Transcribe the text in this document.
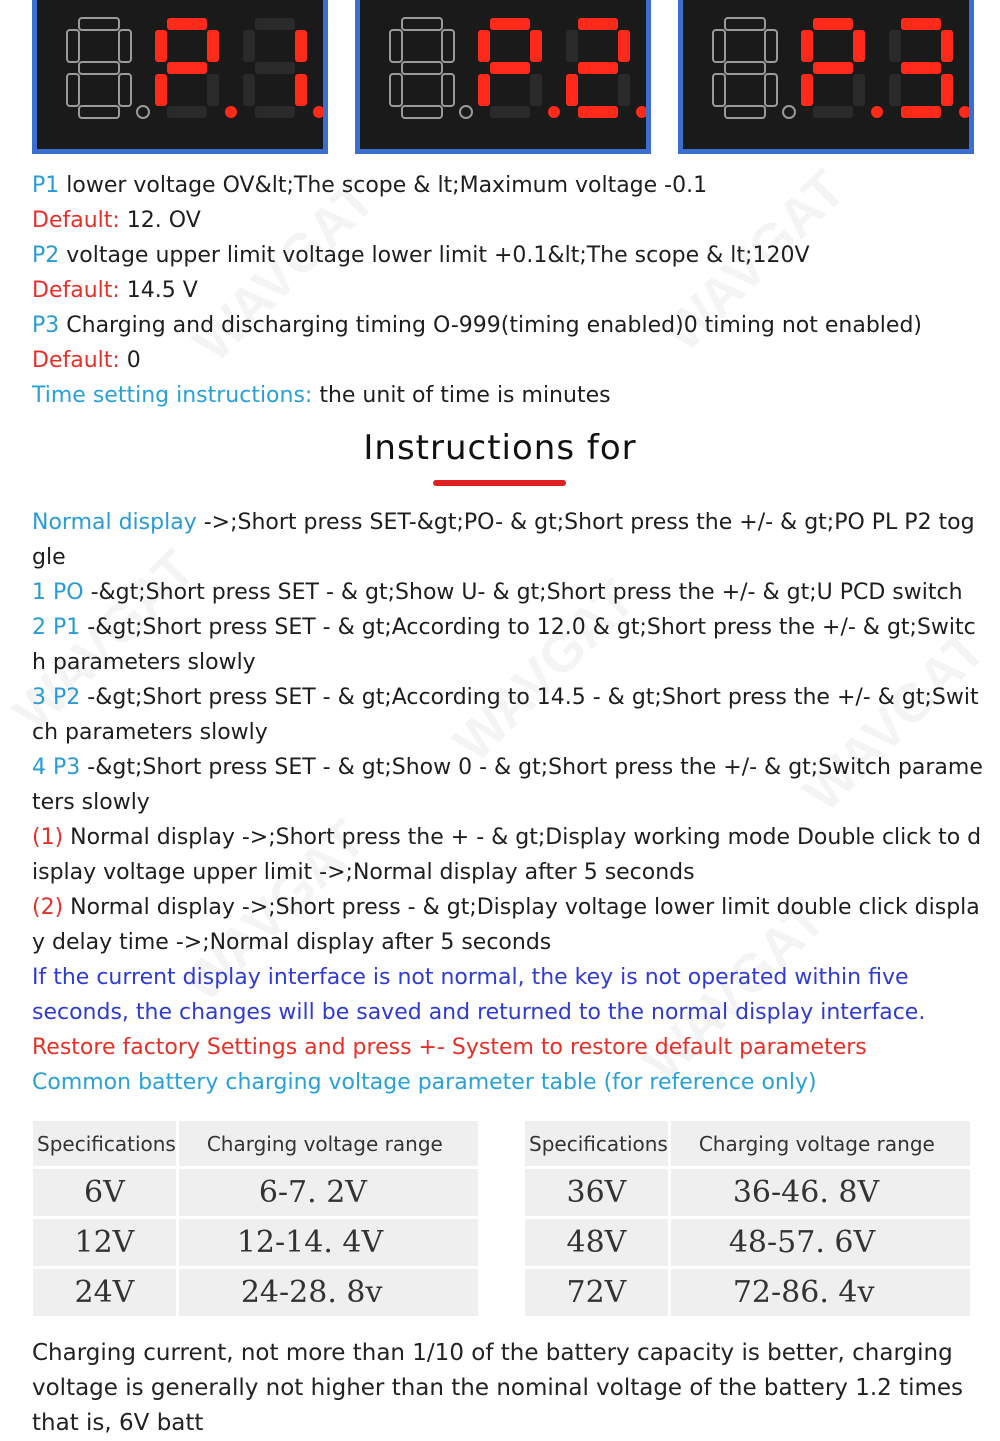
P1 lower voltage OV&lt;The scope & lt;Maximum voltage -0.1
Default: 12. OV
P2 voltage upper limit voltage lower limit +0.1&lt;The scope & lt;120V
Default: 14.5 V
P3 Charging and discharging timing O-999(timing enabled)0 timing not enabled)
Default: 0
Time setting instructions: the unit of time is minutes
Instructions for
Normal display ->;Short press SET-&gt;PO- & gt;Short press the +/- & gt;PO PL P2 toggle
1 PO -&gt;Short press SET - & gt;Show U- & gt;Short press the +/- & gt;U PCD switch
2 P1 -&gt;Short press SET - & gt;According to 12.0 & gt;Short press the +/- & gt;Switch parameters slowly
3 P2 -&gt;Short press SET - & gt;According to 14.5 - & gt;Short press the +/- & gt;Switch parameters slowly
4 P3 -&gt;Short press SET - & gt;Show 0 - & gt;Short press the +/- & gt;Switch parameters slowly
(1) Normal display ->;Short press the + - & gt;Display working mode Double click to display voltage upper limit ->;Normal display after 5 seconds
(2) Normal display ->;Short press - & gt;Display voltage lower limit double click display delay time ->;Normal display after 5 seconds
If the current display interface is not normal, the key is not operated within five seconds, the changes will be saved and returned to the normal display interface.
Restore factory Settings and press +- System to restore default parameters
Common battery charging voltage parameter table (for reference only)
Specifications	Charging voltage range
6V	6-7. 2V
12V	12-14. 4V
24V	24-28. 8v
Specifications	Charging voltage range
36V	36-46. 8V
48V	48-57. 6V
72V	72-86. 4v
Charging current, not more than 1/10 of the battery capacity is better, charging voltage is generally not higher than the nominal voltage of the battery 1.2 times that is, 6V batt
